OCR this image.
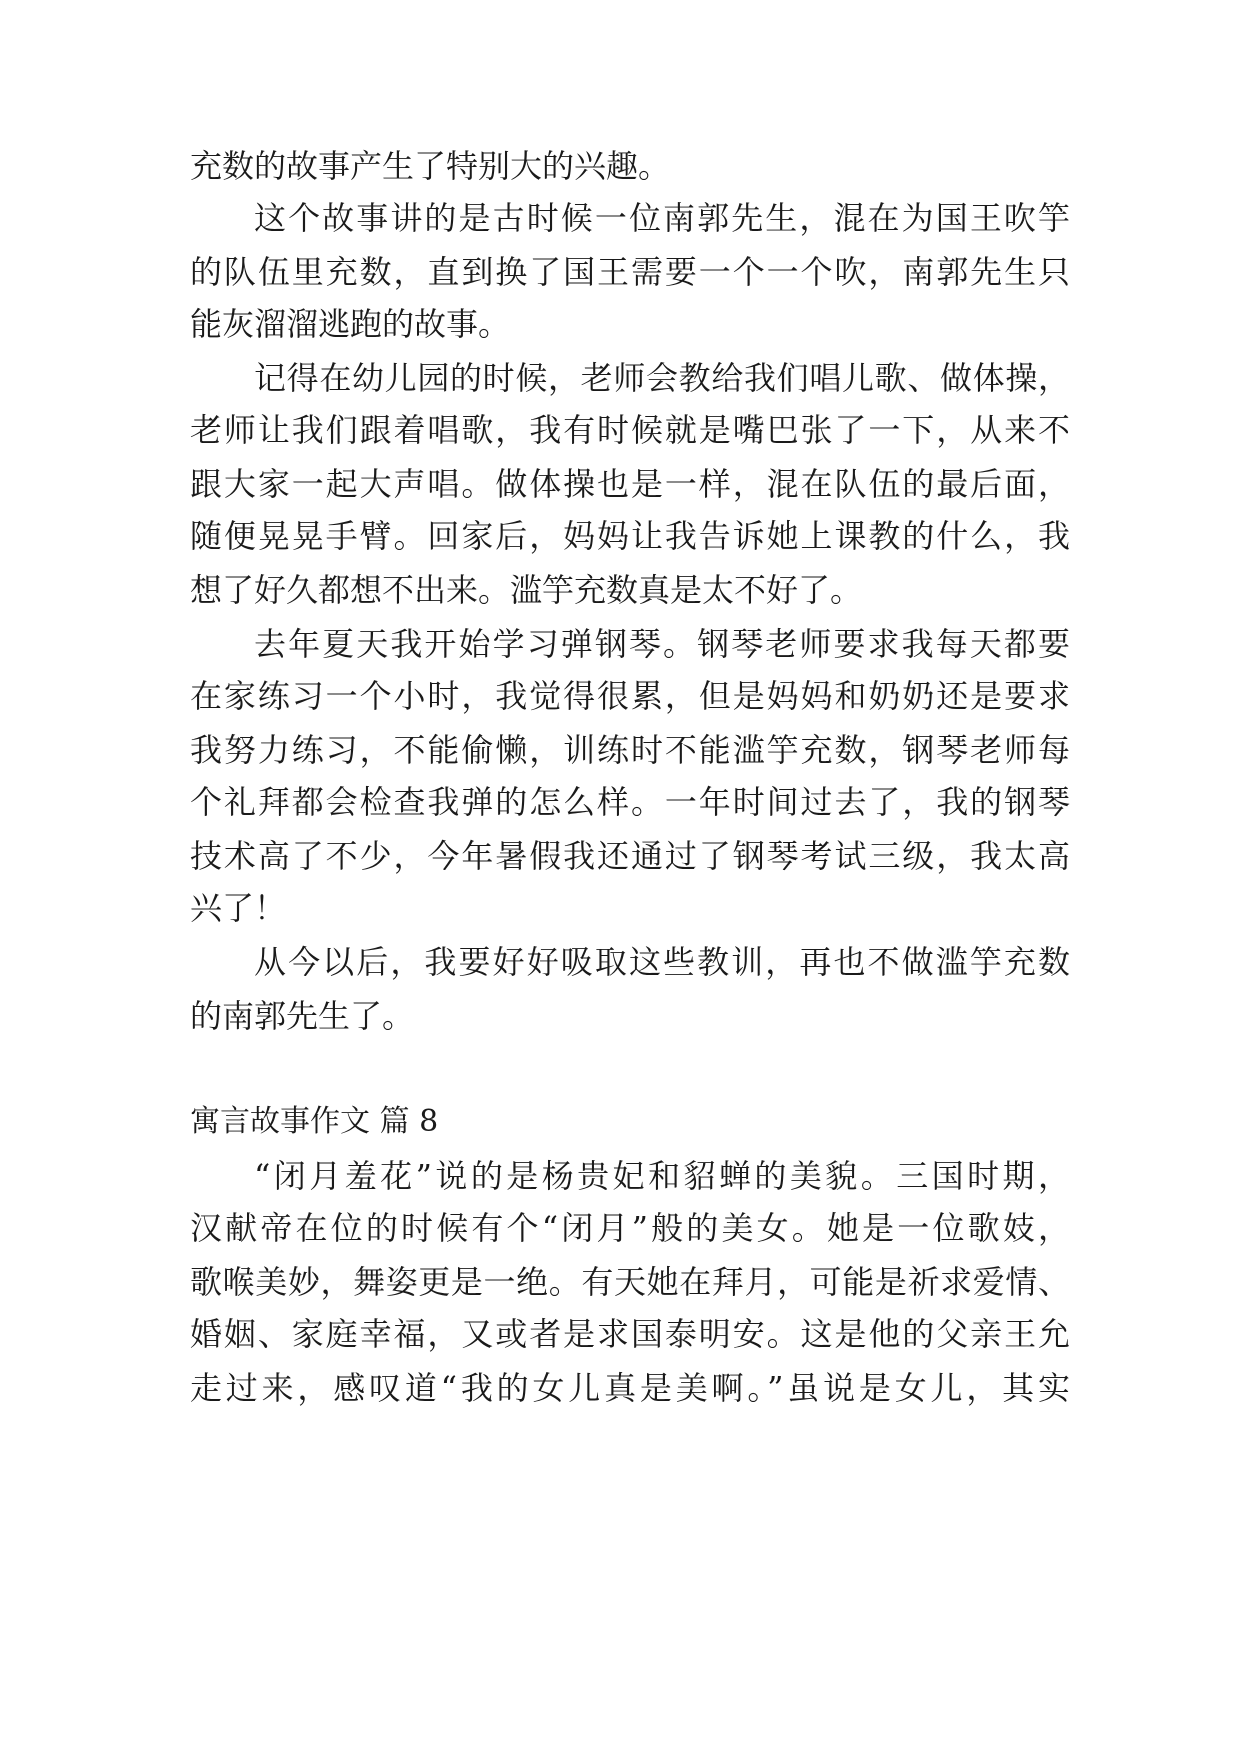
充数的故事产生了特别大的兴趣。
这个故事讲的是古时候一位南郭先生，混在为国王吹竽
的队伍里充数，直到换了国王需要一个一个吹，南郭先生只
能灰溜溜逃跑的故事。
记得在幼儿园的时候，老师会教给我们唱儿歌、做体操，
老师让我们跟着唱歌，我有时候就是嘴巴张了一下，从来不
跟大家一起大声唱。做体操也是一样，混在队伍的最后面，
随便晃晃手臂。回家后，妈妈让我告诉她上课教的什么，我
想了好久都想不出来。滥竽充数真是太不好了。
去年夏天我开始学习弹钢琴。钢琴老师要求我每天都要
在家练习一个小时，我觉得很累，但是妈妈和奶奶还是要求
我努力练习，不能偷懒，训练时不能滥竽充数，钢琴老师每
个礼拜都会检查我弹的怎么样。一年时间过去了，我的钢琴
技术高了不少，今年暑假我还通过了钢琴考试三级，我太高
兴了！
从今以后，我要好好吸取这些教训，再也不做滥竽充数
的南郭先生了。
寓言故事作文 篇 8
“闭月羞花”说的是杨贵妃和貂蝉的美貌。三国时期，
汉献帝在位的时候有个“闭月”般的美女。她是一位歌妓，
歌喉美妙，舞姿更是一绝。有天她在拜月，可能是祈求爱情、
婚姻、家庭幸福，又或者是求国泰明安。这是他的父亲王允
走过来，感叹道“我的女儿真是美啊。”虽说是女儿，其实
